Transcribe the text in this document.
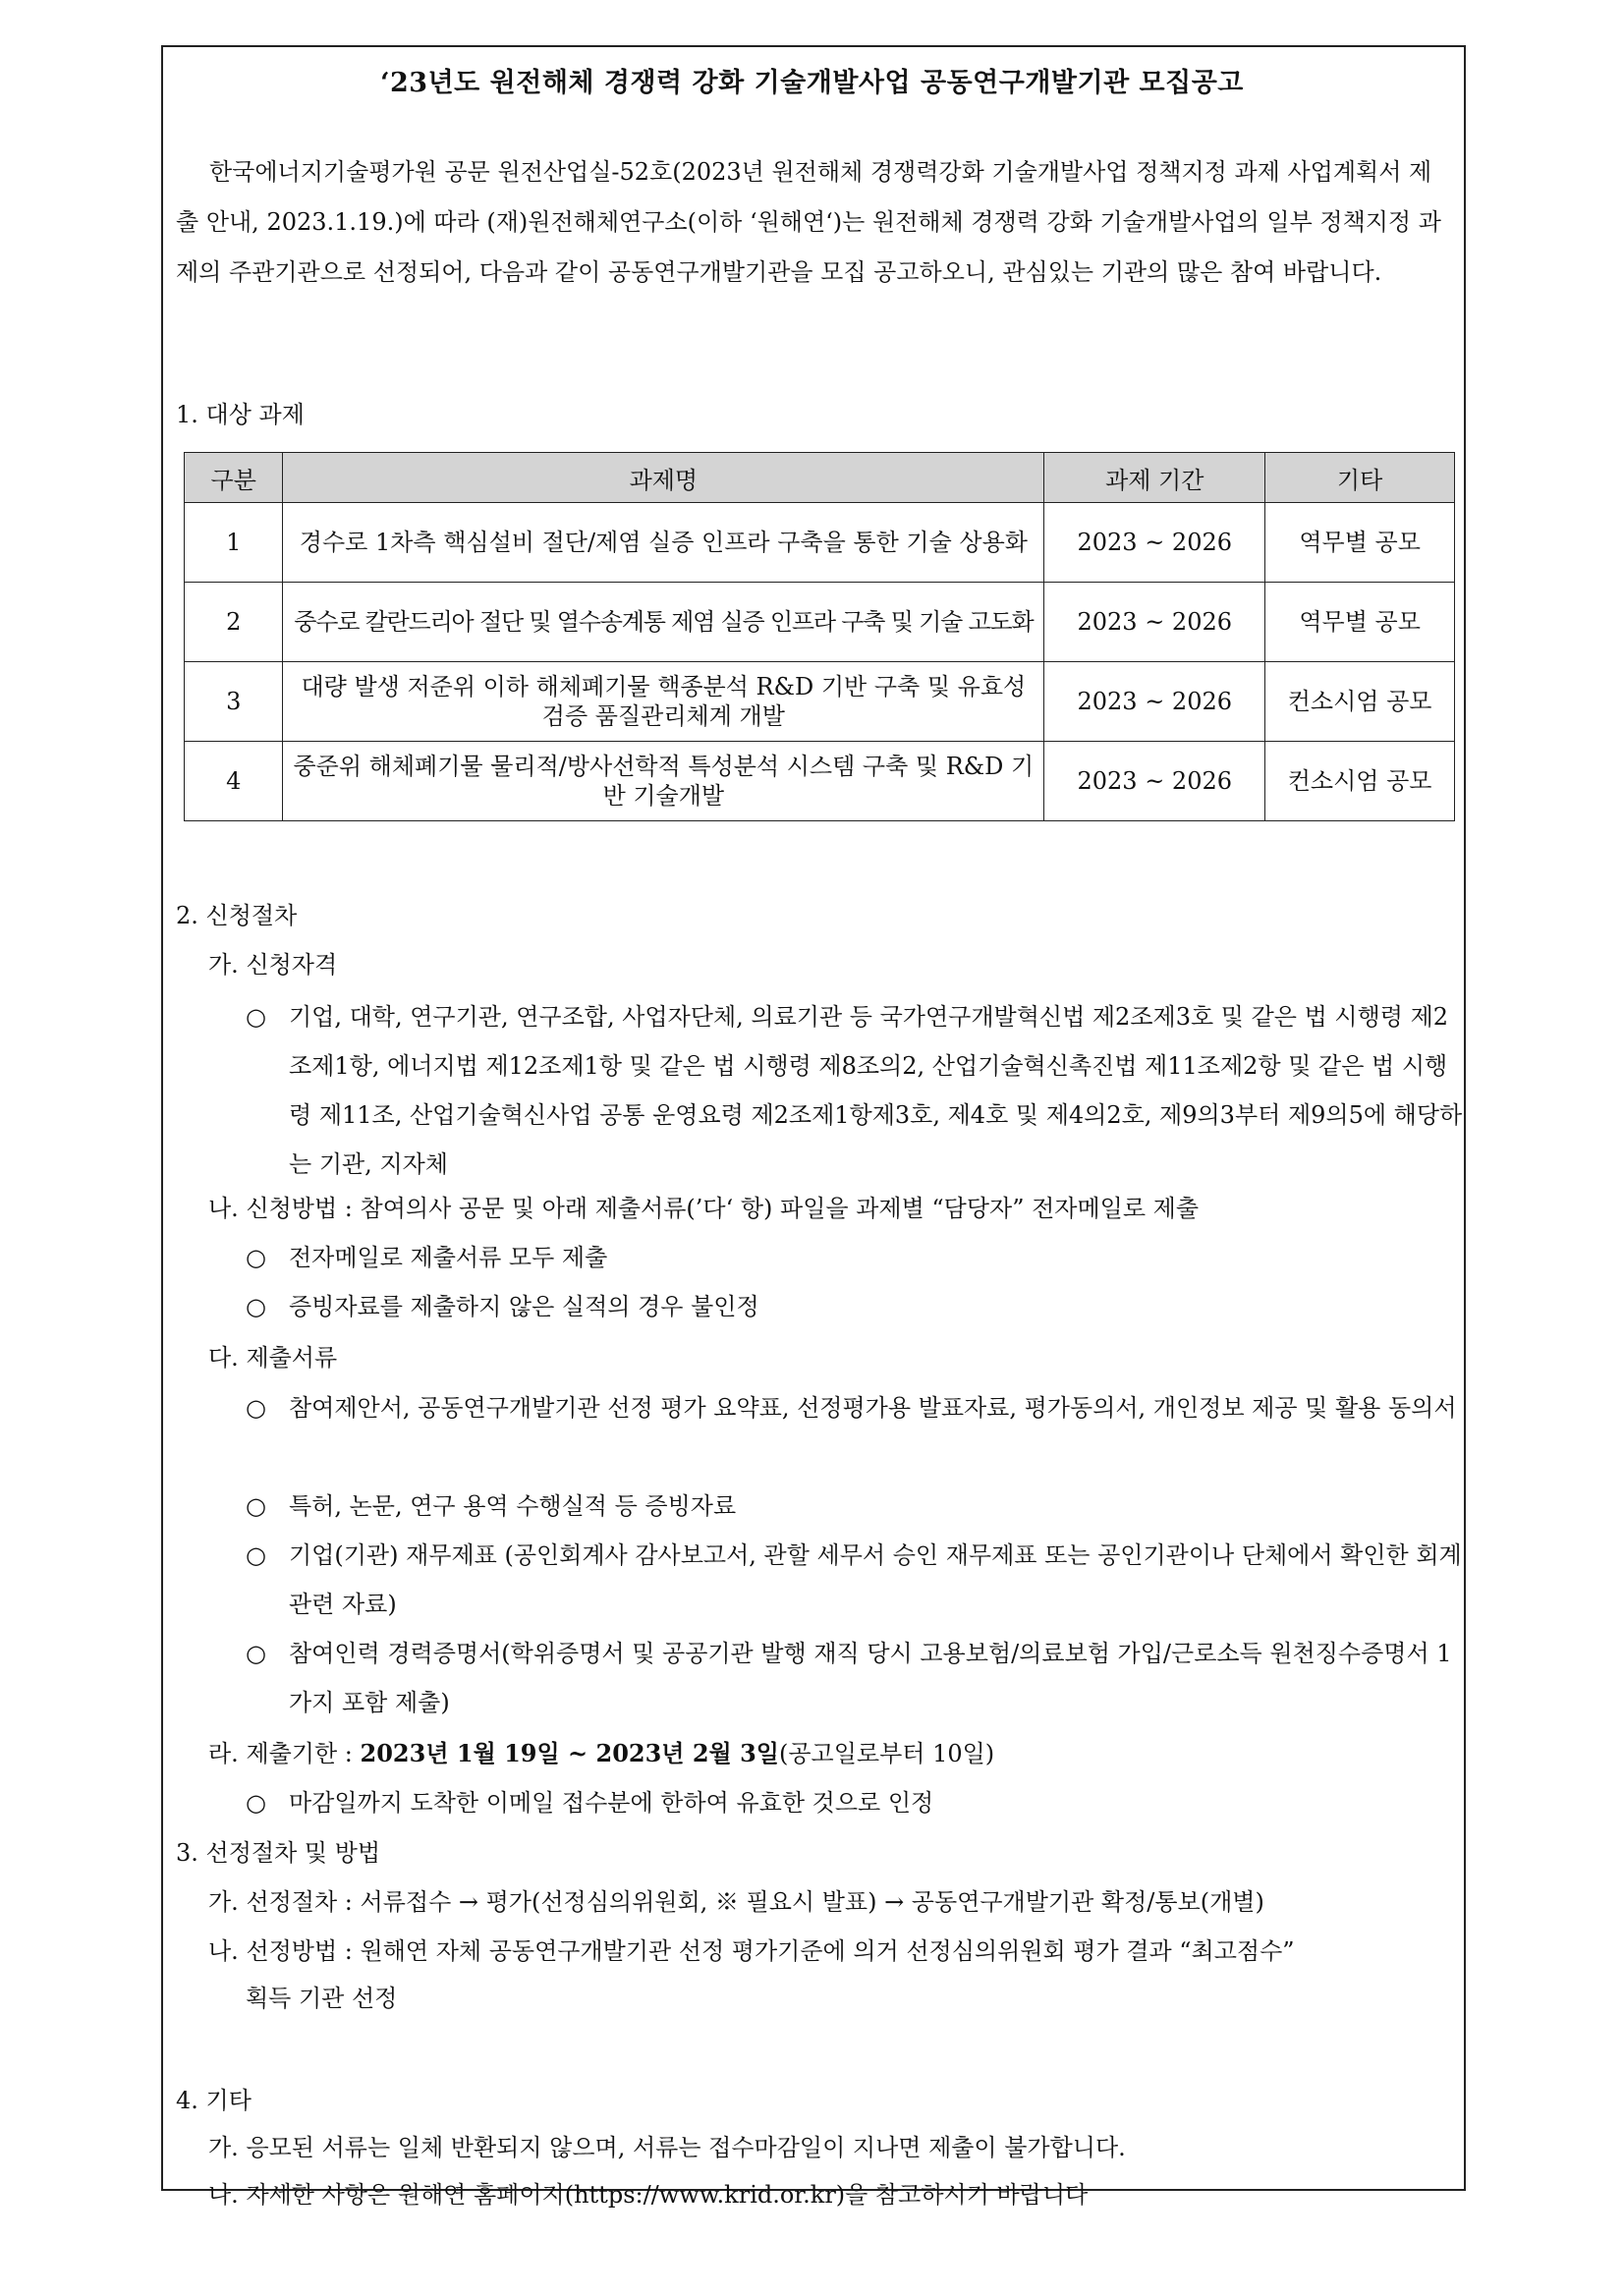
‘23년도 원전해체 경쟁력 강화 기술개발사업 공동연구개발기관 모집공고
한국에너지기술평가원 공문 원전산업실-52호(2023년 원전해체 경쟁력강화 기술개발사업 정책지정 과제 사업계획서 제출 안내, 2023.1.19.)에 따라 (재)원전해체연구소(이하 ‘원해연‘)는 원전해체 경쟁력 강화 기술개발사업의 일부 정책지정 과제의 주관기관으로 선정되어, 다음과 같이 공동연구개발기관을 모집 공고하오니, 관심있는 기관의 많은 참여 바랍니다.
1. 대상 과제
구분	과제명	과제 기간	기타
1	경수로 1차측 핵심설비 절단/제염 실증 인프라 구축을 통한 기술 상용화	2023 ~ 2026	역무별 공모
2	중수로 칼란드리아 절단 및 열수송계통 제염 실증 인프라 구축 및 기술 고도화	2023 ~ 2026	역무별 공모
3	대량 발생 저준위 이하 해체폐기물 핵종분석 R&D 기반 구축 및 유효성 검증 품질관리체계 개발	2023 ~ 2026	컨소시엄 공모
4	중준위 해체폐기물 물리적/방사선학적 특성분석 시스템 구축 및 R&D 기반 기술개발	2023 ~ 2026	컨소시엄 공모
2. 신청절차
가. 신청자격
○ 기업, 대학, 연구기관, 연구조합, 사업자단체, 의료기관 등 국가연구개발혁신법 제2조제3호 및 같은 법 시행령 제2조제1항, 에너지법 제12조제1항 및 같은 법 시행령 제8조의2, 산업기술혁신촉진법 제11조제2항 및 같은 법 시행령 제11조, 산업기술혁신사업 공통 운영요령 제2조제1항제3호, 제4호 및 제4의2호, 제9의3부터 제9의5에 해당하는 기관, 지자체
나. 신청방법 : 참여의사 공문 및 아래 제출서류(’다‘ 항) 파일을 과제별 “담당자” 전자메일로 제출
○ 전자메일로 제출서류 모두 제출
○ 증빙자료를 제출하지 않은 실적의 경우 불인정
다. 제출서류
○ 참여제안서, 공동연구개발기관 선정 평가 요약표, 선정평가용 발표자료, 평가동의서, 개인정보 제공 및 활용 동의서
○ 특허, 논문, 연구 용역 수행실적 등 증빙자료
○ 기업(기관) 재무제표 (공인회계사 감사보고서, 관할 세무서 승인 재무제표 또는 공인기관이나 단체에서 확인한 회계관련 자료)
○ 참여인력 경력증명서(학위증명서 및 공공기관 발행 재직 당시 고용보험/의료보험 가입/근로소득 원천징수증명서 1가지 포함 제출)
라. 제출기한 : 2023년 1월 19일 ~ 2023년 2월 3일(공고일로부터 10일)
○ 마감일까지 도착한 이메일 접수분에 한하여 유효한 것으로 인정
3. 선정절차 및 방법
가. 선정절차 : 서류접수 → 평가(선정심의위원회, ※ 필요시 발표) → 공동연구개발기관 확정/통보(개별)
나. 선정방법 : 원해연 자체 공동연구개발기관 선정 평가기준에 의거 선정심의위원회 평가 결과 “최고점수”
획득 기관 선정
4. 기타
가. 응모된 서류는 일체 반환되지 않으며, 서류는 접수마감일이 지나면 제출이 불가합니다.
나. 자세한 사항은 원해연 홈페이지(https://www.krid.or.kr)을 참고하시기 바랍니다
